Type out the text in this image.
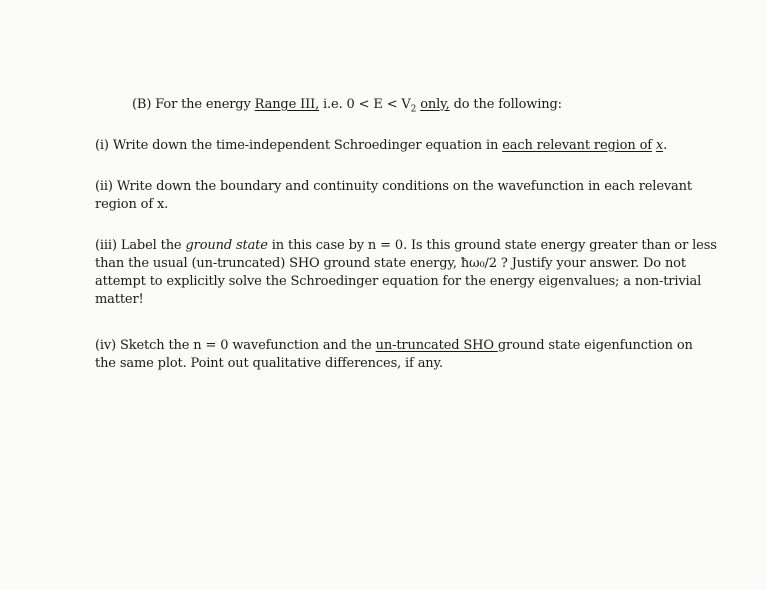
(B) For the energy Range III, i.e. $0 < E < V_2$ only, do the following:
(i) Write down the time-independent Schroedinger equation in each relevant region of x.
(ii) Write down the boundary and continuity conditions on the wavefunction in each relevant
region of x.
(iii) Label the ground state in this case by n = 0. Is this ground state energy greater than or less
than the usual (un-truncated) SHO ground state energy, ħω₀/2 ? Justify your answer. Do not
attempt to explicitly solve the Schroedinger equation for the energy eigenvalues; a non-trivial
matter!
(iv) Sketch the n = 0 wavefunction and the un-truncated SHO ground state eigenfunction on
the same plot. Point out qualitative differences, if any.
